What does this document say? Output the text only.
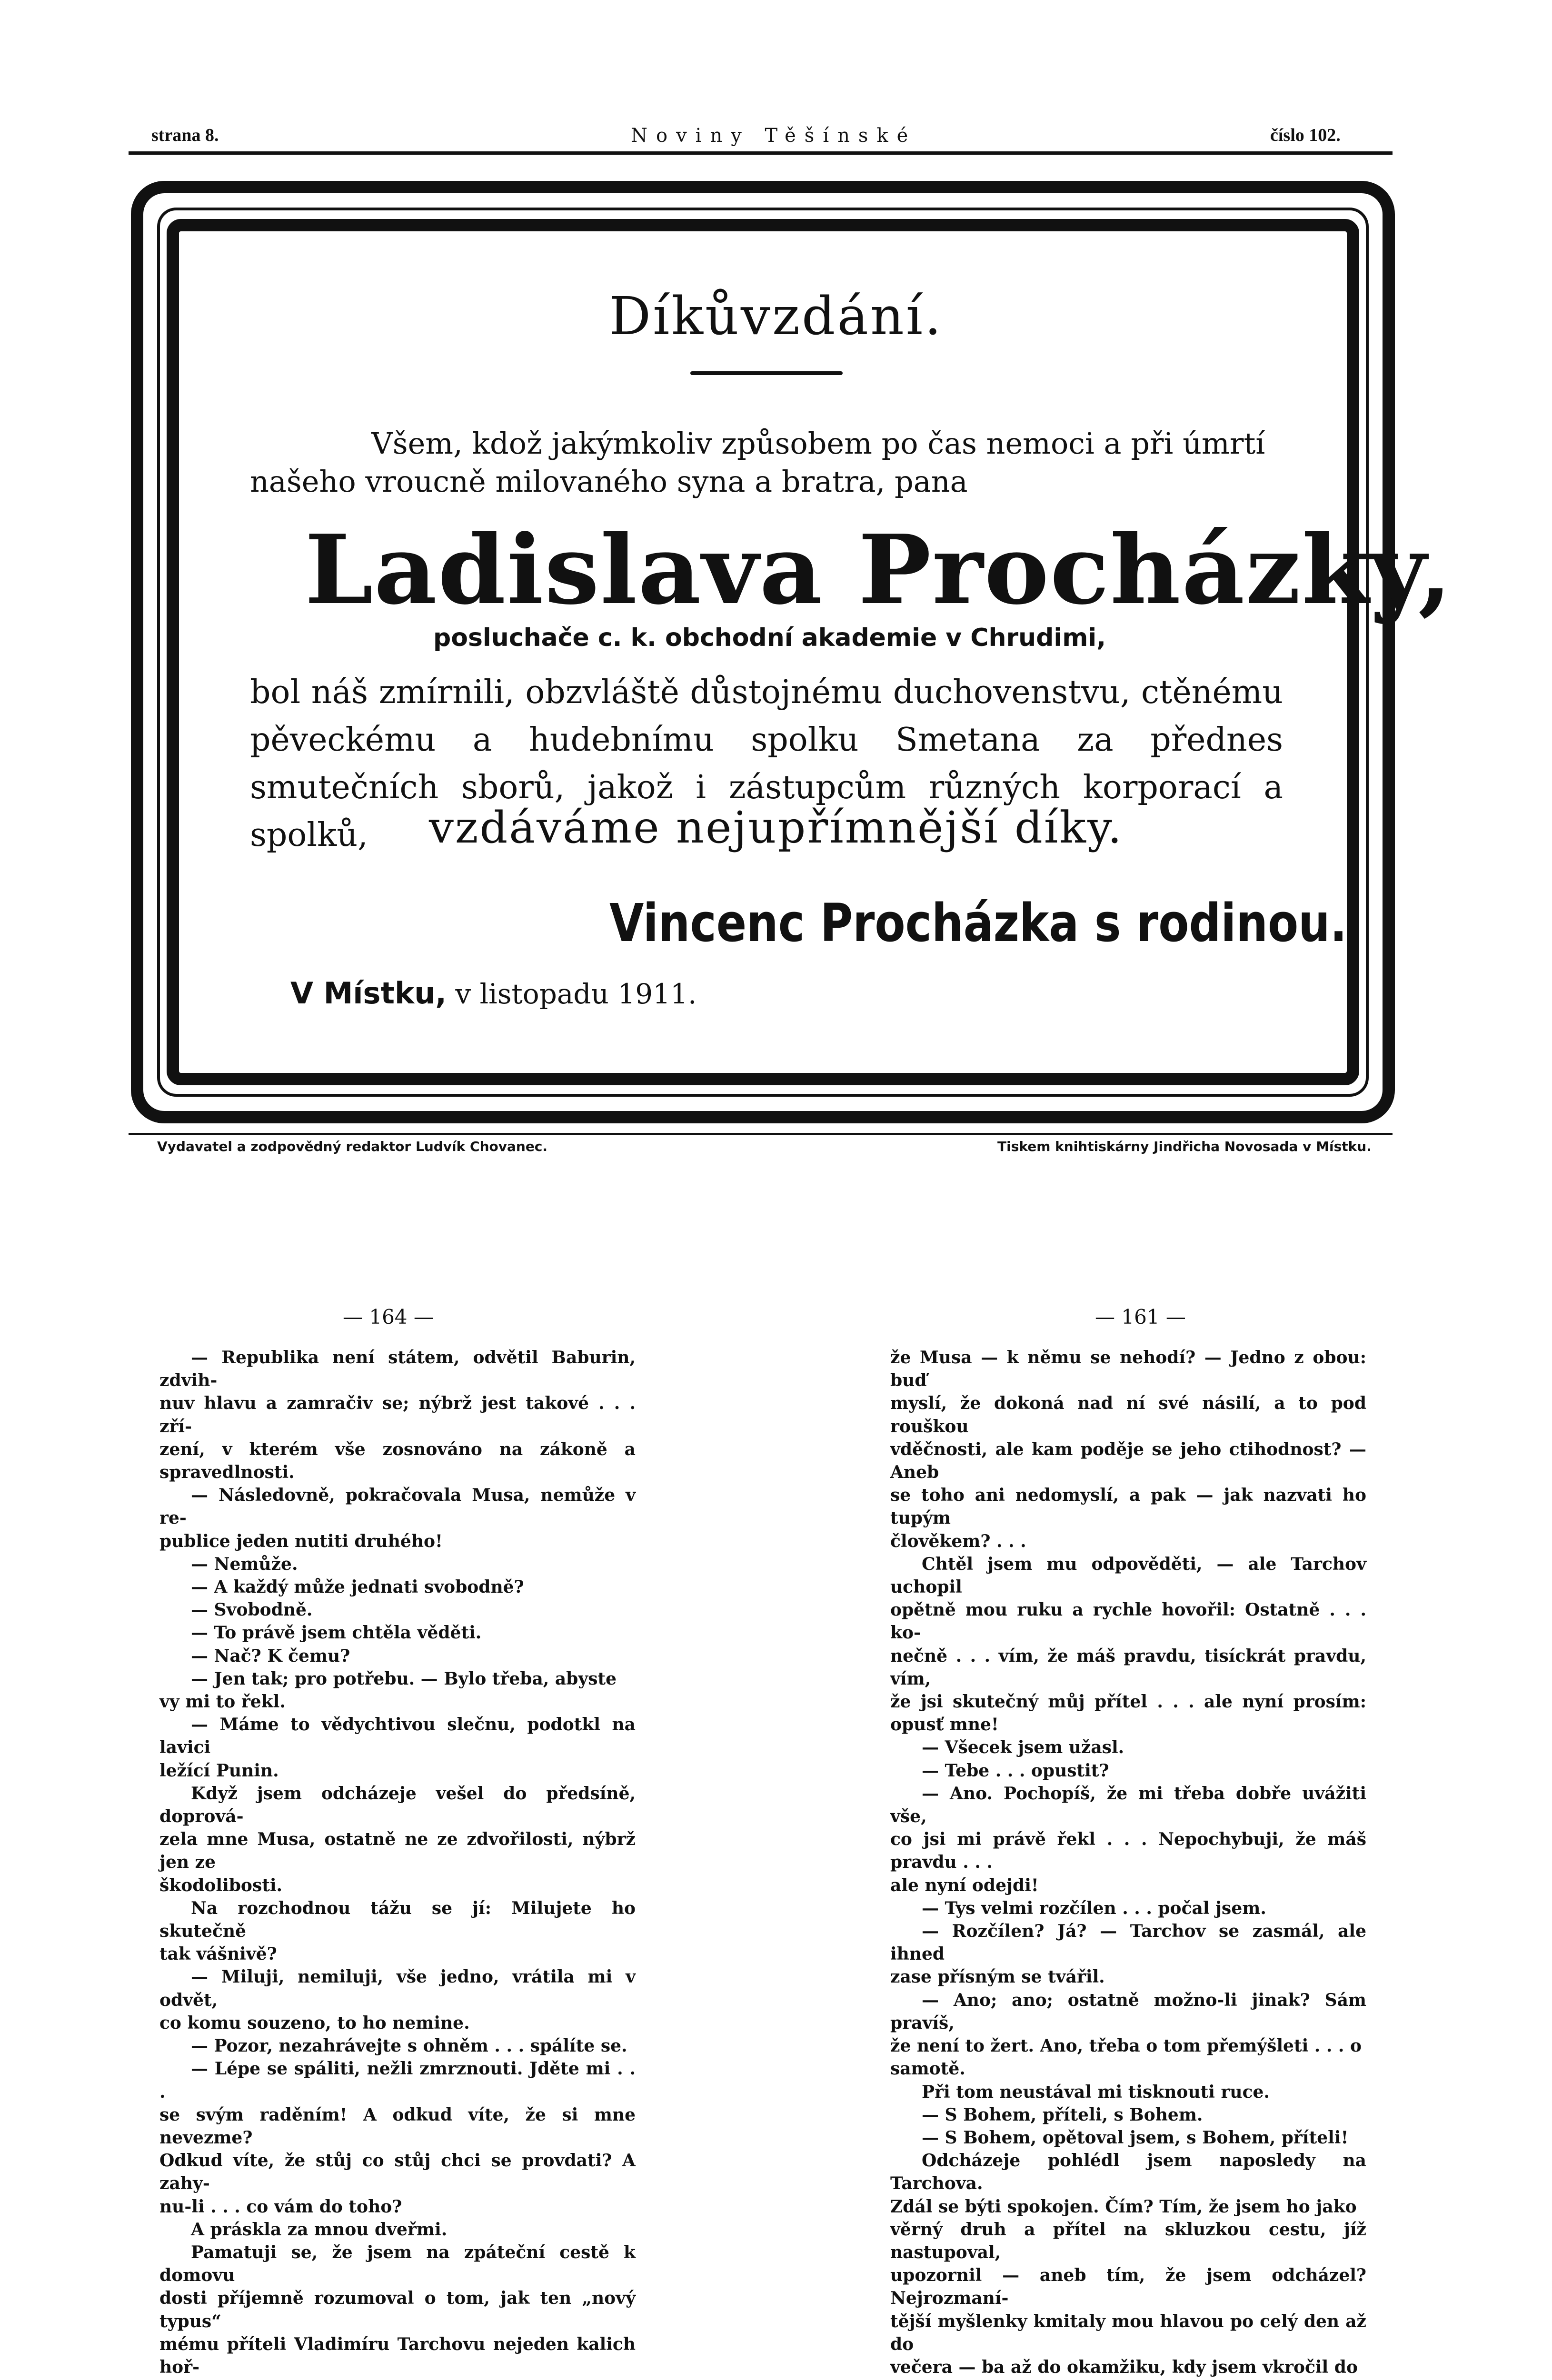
strana 8.	Noviny Těšínské	číslo 102.
Díkůvzdání.
Všem, kdož jakýmkoliv způsobem po čas nemoci a při úmrtí
našeho vroucně milovaného syna a bratra, pana
Ladislava Procházky,
posluchače c. k. obchodní akademie v Chrudimi,
bol náš zmírnili, obzvláště důstojnému duchovenstvu, ctěnému pěveckému a hudebnímu spolku Smetana za přednes smutečních sborů, jakož i zástupcům různých korporací a spolků,	vzdáváme nejupřímnější díky.
Vincenc Procházka s rodinou.
V Místku, v listopadu 1911.
Vydavatel a zodpovědný redaktor Ludvík Chovanec.	Tiskem knihtiskárny Jindřicha Novosada v Místku.
— 164 —	— 161 —

— Republika není státem, odvětil Baburin, zdvih-

nuv hlavu a zamračiv se; nýbrž jest takové . . . zří-

zení, v kterém vše zosnováno na zákoně a spravedlnosti.

— Následovně, pokračovala Musa, nemůže v re-

publice jeden nutiti druhého!

— Nemůže.

— A každý může jednati svobodně?

— Svobodně.

— To právě jsem chtěla věděti.

— Nač? K čemu?

— Jen tak; pro potřebu. — Bylo třeba, abyste

vy mi to řekl.

— Máme to vědychtivou slečnu, podotkl na lavici

ležící Punin.

Když jsem odcházeje vešel do předsíně, doprová-

zela mne Musa, ostatně ne ze zdvořilosti, nýbrž jen ze

škodolibosti.

Na rozchodnou tážu se jí: Milujete ho skutečně

tak vášnivě?

— Miluji, nemiluji, vše jedno, vrátila mi v odvět,

co komu souzeno, to ho nemine.

— Pozor, nezahrávejte s ohněm . . . spálíte se.

— Lépe se spáliti, nežli zmrznouti. Jděte mi . . .

se svým raděním! A odkud víte, že si mne nevezme?

Odkud víte, že stůj co stůj chci se provdati? A zahy-

nu-li . . . co vám do toho?

A práskla za mnou dveřmi.

Pamatuji se, že jsem na zpáteční cestě k domovu

dosti příjemně rozumoval o tom, jak ten „nový typus“

mému příteli Vladimíru Tarchovu nejeden kalich hoř-

že Musa — k němu se nehodí? — Jedno z obou: buď

myslí, že dokoná nad ní své násilí, a to pod rouškou

vděčnosti, ale kam poděje se jeho ctihodnost? — Aneb

se toho ani nedomyslí, a pak — jak nazvati ho tupým

člověkem? . . .

Chtěl jsem mu odpověděti, — ale Tarchov uchopil

opětně mou ruku a rychle hovořil: Ostatně . . . ko-

nečně . . . vím, že máš pravdu, tisíckrát pravdu, vím,

že jsi skutečný můj přítel . . . ale nyní prosím: opusť mne!

— Všecek jsem užasl.

— Tebe . . . opustit?

— Ano. Pochopíš, že mi třeba dobře uvážiti vše,

co jsi mi právě řekl . . . Nepochybuji, že máš pravdu . . .

ale nyní odejdi!

— Tys velmi rozčílen . . . počal jsem.

— Rozčílen? Já? — Tarchov se zasmál, ale ihned

zase přísným se tvářil.

— Ano; ano; ostatně možno-li jinak? Sám pravíš,

že není to žert. Ano, třeba o tom přemýšleti . . . o

samotě.

Při tom neustával mi tisknouti ruce.

— S Bohem, příteli, s Bohem.

— S Bohem, opětoval jsem, s Bohem, příteli!

Odcházeje pohlédl jsem naposledy na Tarchova.

Zdál se býti spokojen. Čím? Tím, že jsem ho jako

věrný druh a přítel na skluzkou cestu, jíž nastupoval,

upozornil — aneb tím, že jsem odcházel? Nejrozmaní-

tější myšlenky kmitaly mou hlavou po celý den až do

večera — ba až do okamžiku, kdy jsem vkročil do
